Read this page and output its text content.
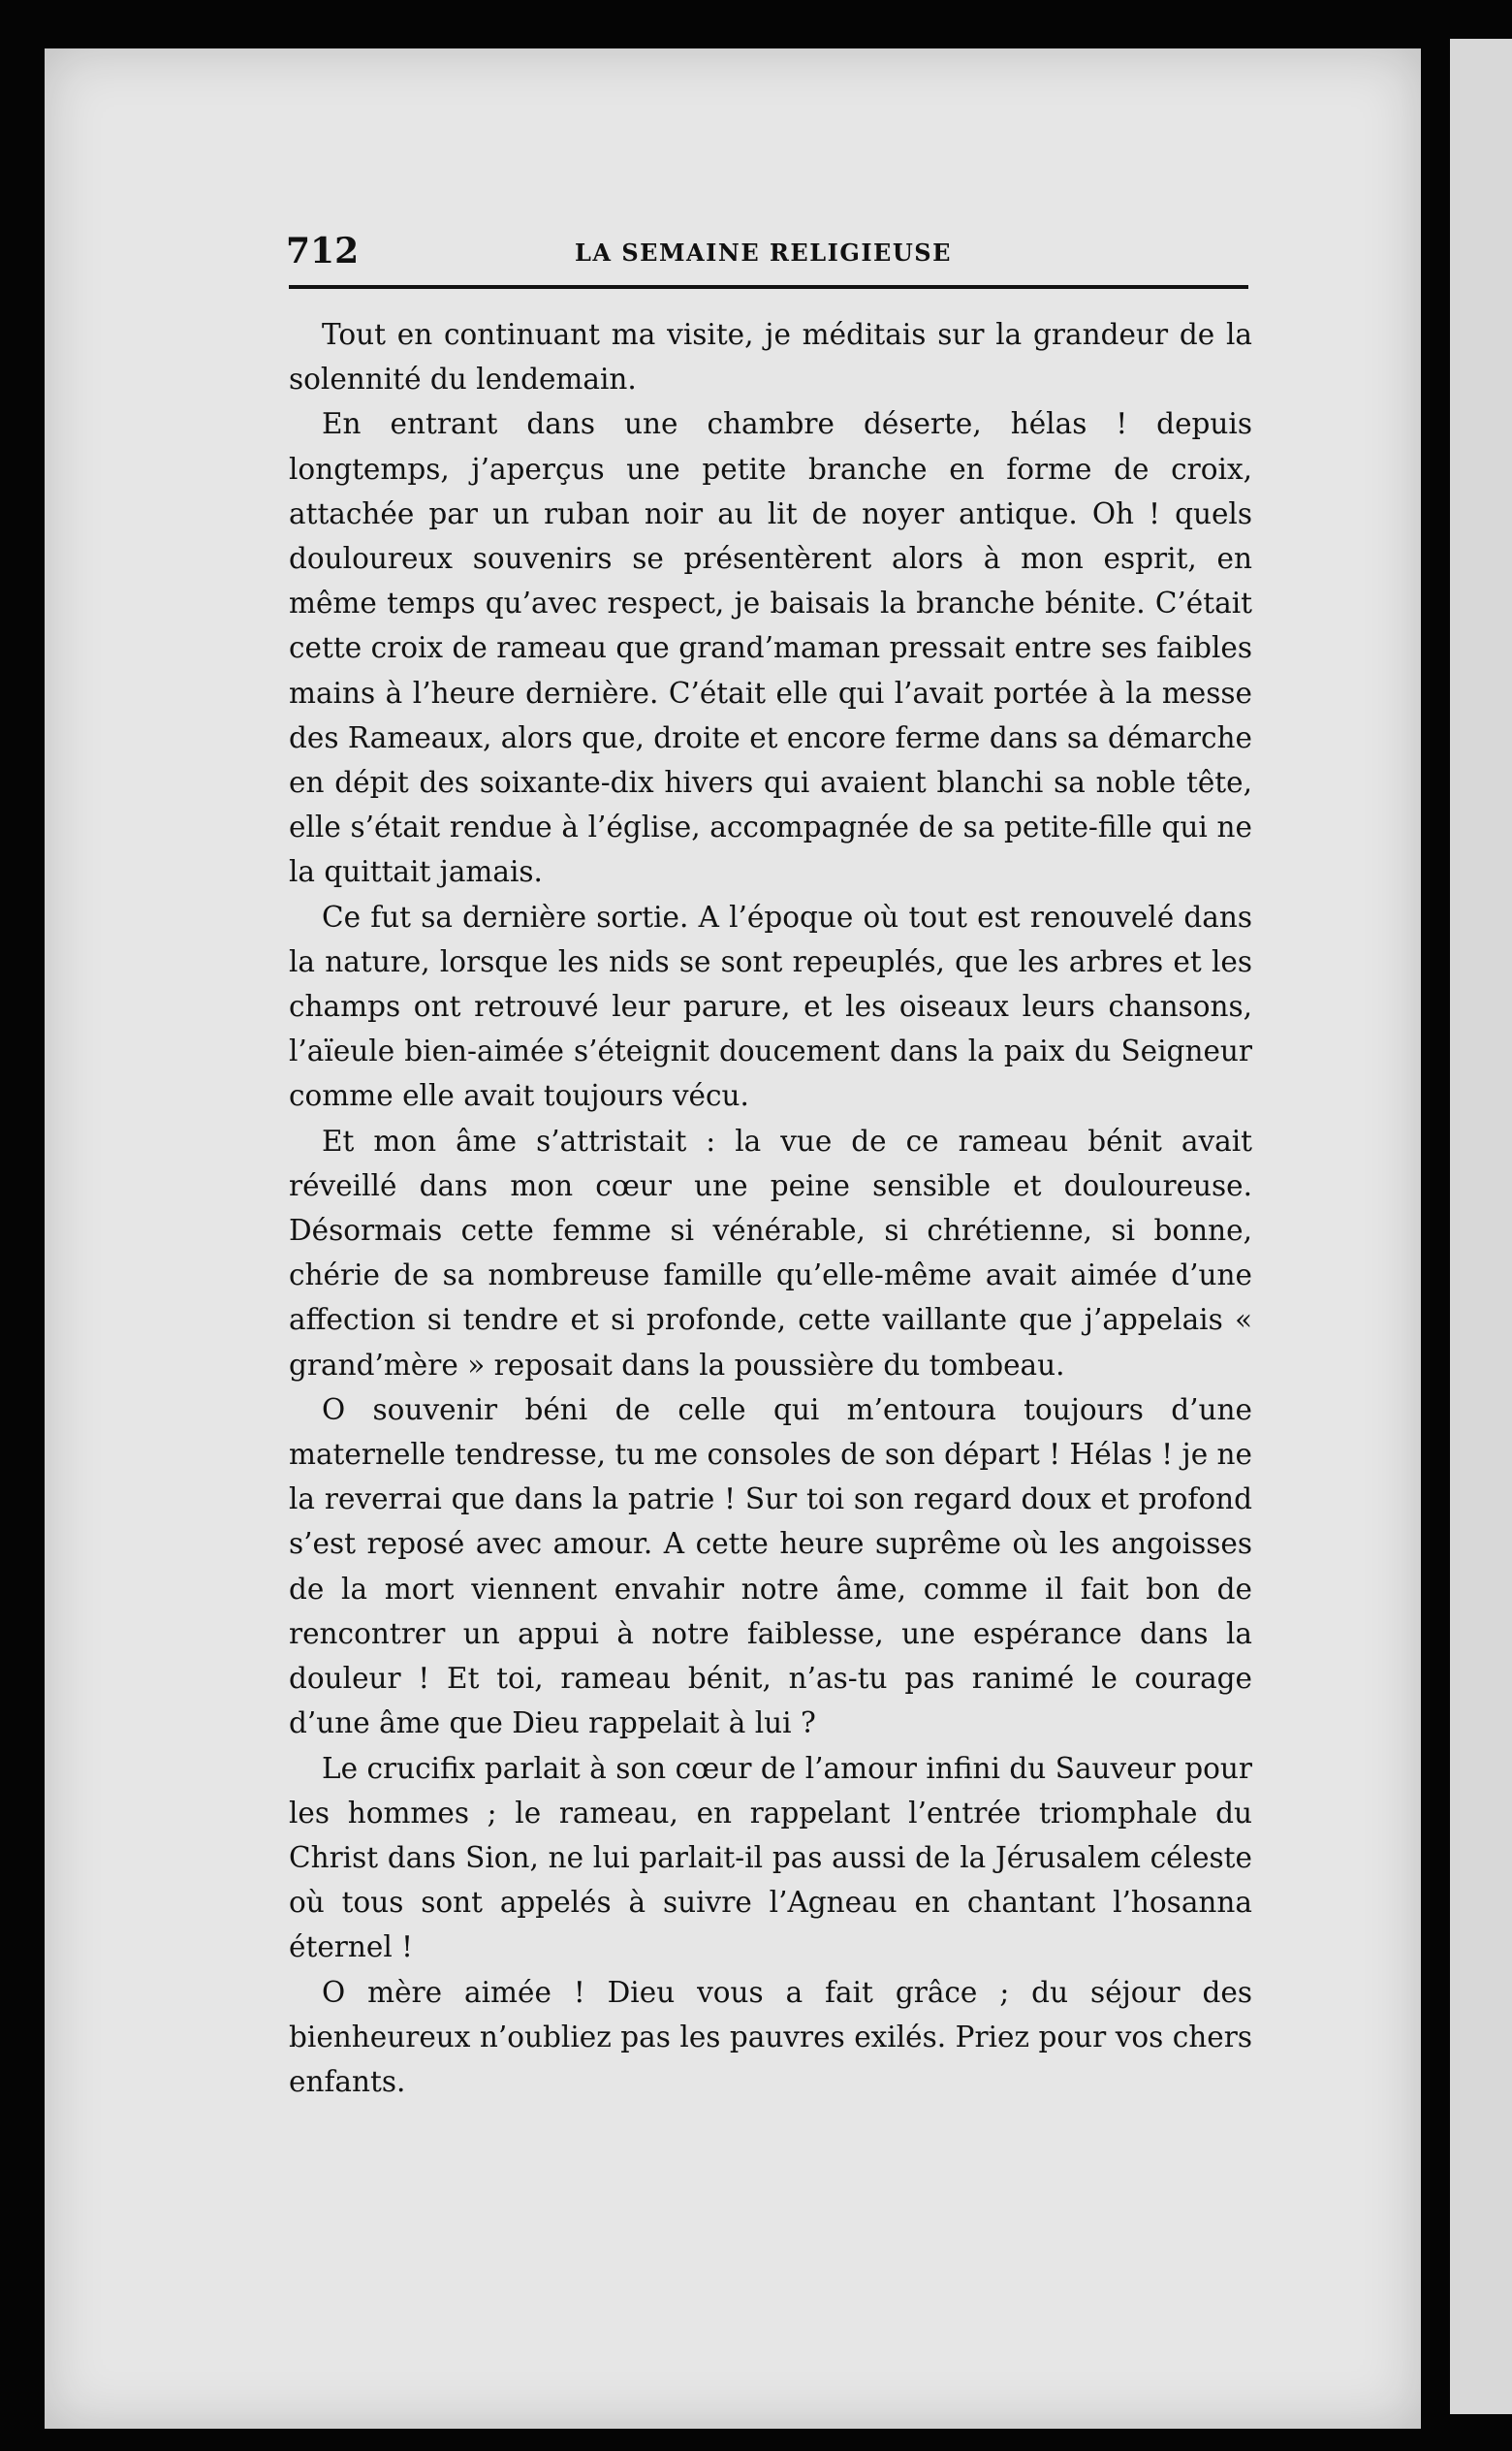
712	LA SEMAINE RELIGIEUSE

Tout en continuant ma visite, je méditais sur la grandeur de la solennité du lendemain.

En entrant dans une chambre déserte, hélas ! depuis longtemps, j’aperçus une petite branche en forme de croix, attachée par un ruban noir au lit de noyer antique. Oh ! quels douloureux souvenirs se présentèrent alors à mon esprit, en même temps qu’avec respect, je baisais la branche bénite. C’était cette croix de rameau que grand’maman pressait entre ses faibles mains à l’heure dernière. C’était elle qui l’avait portée à la messe des Rameaux, alors que, droite et encore ferme dans sa démarche en dépit des soixante-dix hivers qui avaient blanchi sa noble tête, elle s’était rendue à l’église, accompagnée de sa petite-fille qui ne la quittait jamais.

Ce fut sa dernière sortie. A l’époque où tout est renouvelé dans la nature, lorsque les nids se sont repeuplés, que les arbres et les champs ont retrouvé leur parure, et les oiseaux leurs chansons, l’aïeule bien-aimée s’éteignit doucement dans la paix du Seigneur comme elle avait toujours vécu.

Et mon âme s’attristait : la vue de ce rameau bénit avait réveillé dans mon cœur une peine sensible et douloureuse. Désormais cette femme si vénérable, si chrétienne, si bonne, chérie de sa nombreuse famille qu’elle-même avait aimée d’une affection si tendre et si profonde, cette vaillante que j’appelais « grand’mère » reposait dans la poussière du tombeau.

O souvenir béni de celle qui m’entoura toujours d’une maternelle tendresse, tu me consoles de son départ ! Hélas ! je ne la reverrai que dans la patrie ! Sur toi son regard doux et profond s’est reposé avec amour. A cette heure suprême où les angoisses de la mort viennent envahir notre âme, comme il fait bon de rencontrer un appui à notre faiblesse, une espérance dans la douleur ! Et toi, rameau bénit, n’as-tu pas ranimé le courage d’une âme que Dieu rappelait à lui ?

Le crucifix parlait à son cœur de l’amour infini du Sauveur pour les hommes ; le rameau, en rappelant l’entrée triomphale du Christ dans Sion, ne lui parlait-il pas aussi de la Jérusalem céleste où tous sont appelés à suivre l’Agneau en chantant l’hosanna éternel !

O mère aimée ! Dieu vous a fait grâce ; du séjour des bienheureux n’oubliez pas les pauvres exilés. Priez pour vos chers enfants.
